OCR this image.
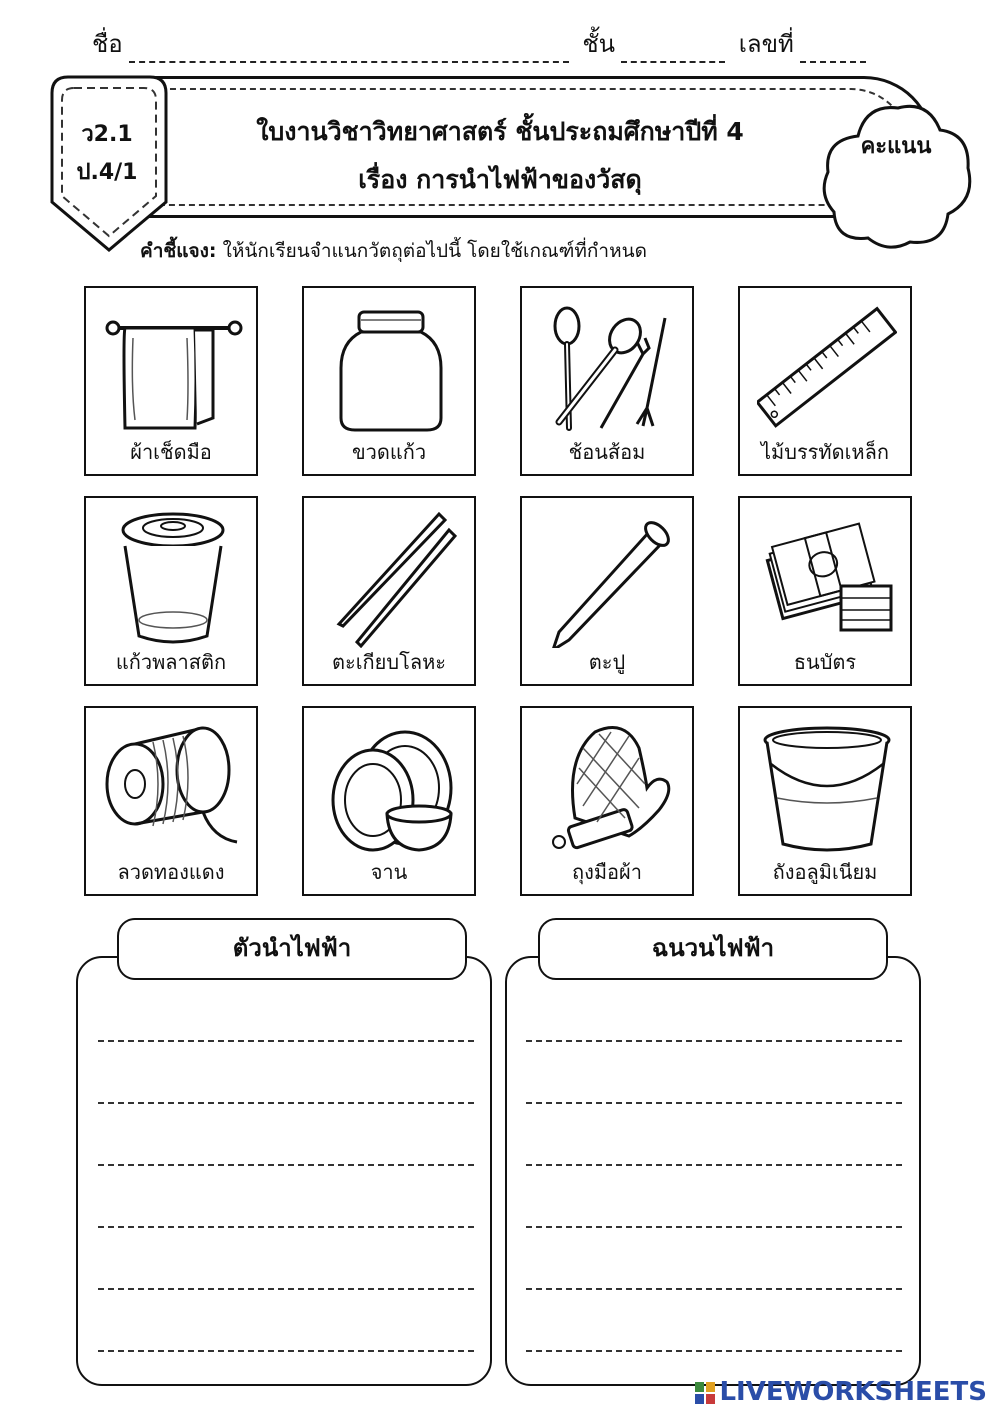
ชื่อ	ชั้น	เลขที่
ว2.1
ป.4/1
ใบงานวิชาวิทยาศาสตร์ ชั้นประถมศึกษาปีที่ 4
เรื่อง การนำไฟฟ้าของวัสดุ
คะแนน
คำชี้แจง: ให้นักเรียนจำแนกวัตถุต่อไปนี้ โดยใช้เกณฑ์ที่กำหนด
ผ้าเช็ดมือ	ขวดแก้ว	ช้อนส้อม	ไม้บรรทัดเหล็ก
แก้วพลาสติก	ตะเกียบโลหะ	ตะปู	ธนบัตร
ลวดทองแดง	จาน	ถุงมือผ้า	ถังอลูมิเนียม
ตัวนำไฟฟ้า	ฉนวนไฟฟ้า
LIVEWORKSHEETS
